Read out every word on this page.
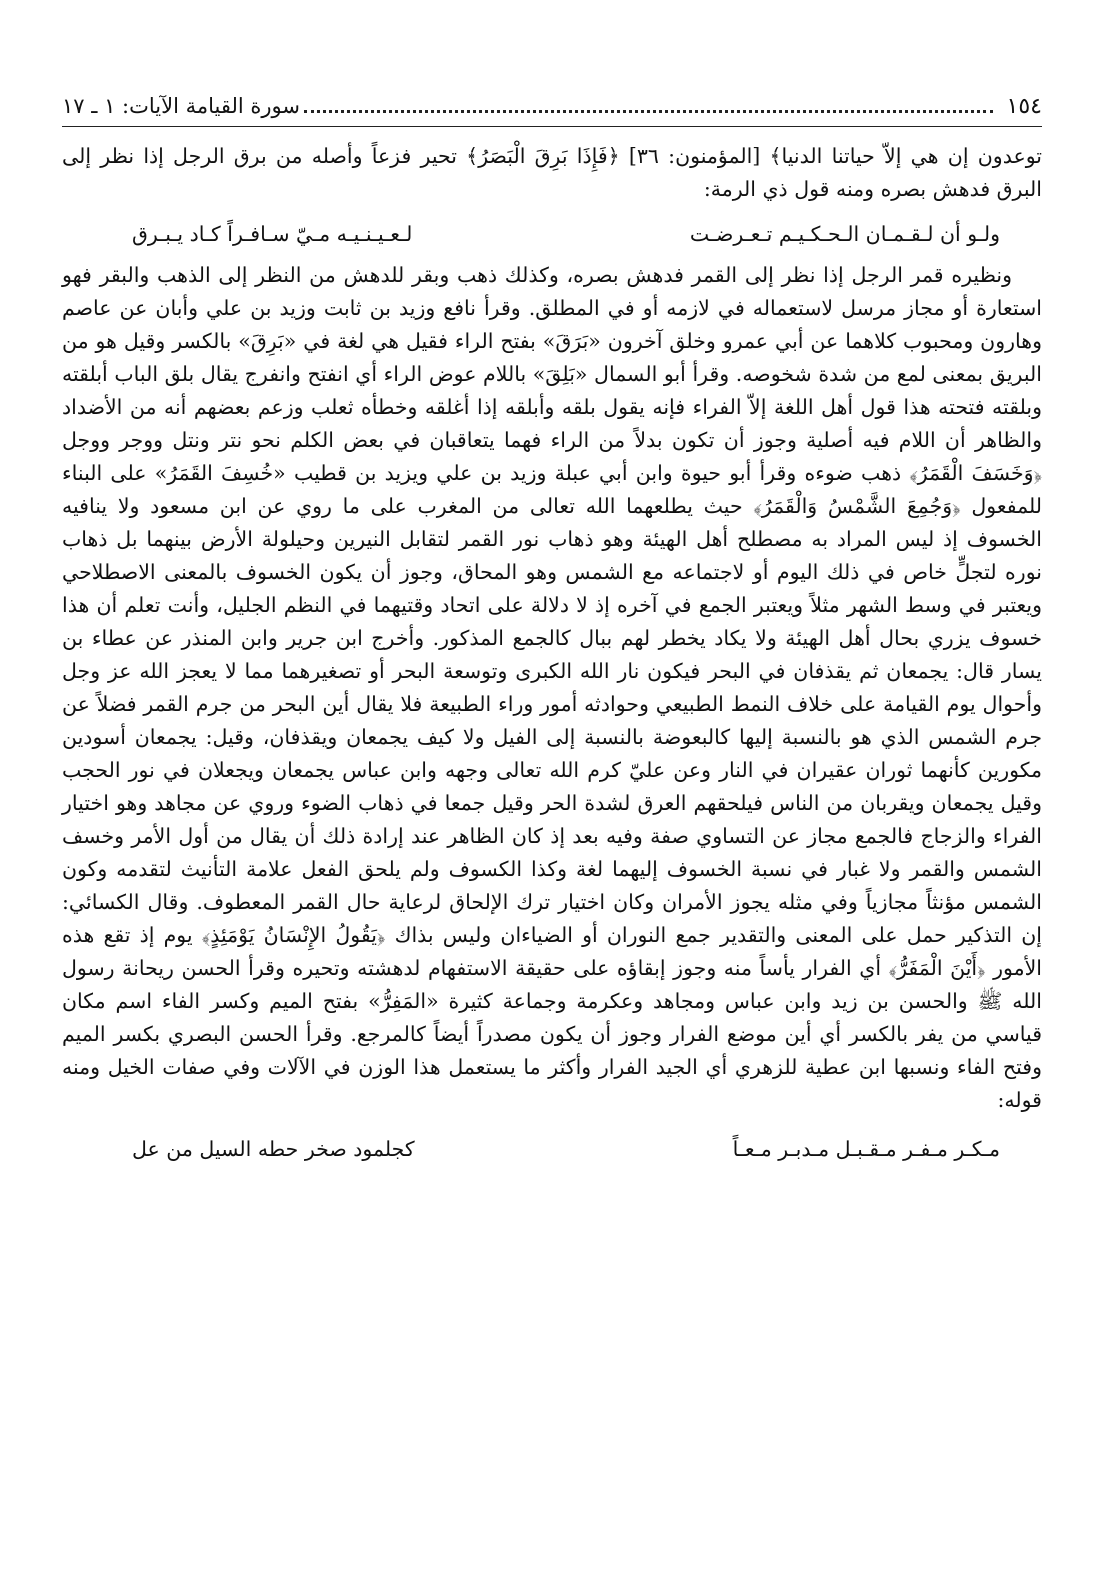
١٥٤
سورة القيامة الآيات: ١ ـ ١٧

توعدون إن هي إلاّ حياتنا الدنيا﴾ [المؤمنون: ٣٦] ﴿فَإِذَا بَرِقَ الْبَصَرُ﴾ تحير فزعاً وأصله من برق الرجل إذا نظر إلى البرق فدهش بصره ومنه قول ذي الرمة:

ولـو أن لـقـمـان الـحـكـيـم تـعـرضـت
لـعـيـنـيـه مـيّ سـافـراً كـاد يـبـرق

ونظيره قمر الرجل إذا نظر إلى القمر فدهش بصره، وكذلك ذهب وبقر للدهش من النظر إلى الذهب والبقر فهو استعارة أو مجاز مرسل لاستعماله في لازمه أو في المطلق. وقرأ نافع وزيد بن ثابت وزيد بن علي وأبان عن عاصم وهارون ومحبوب كلاهما عن أبي عمرو وخلق آخرون «بَرَقَ» بفتح الراء فقيل هي لغة في «بَرِقَ» بالكسر وقيل هو من البريق بمعنى لمع من شدة شخوصه. وقرأ أبو السمال «بَلِقَ» باللام عوض الراء أي انفتح وانفرج يقال بلق الباب أبلقته وبلقته فتحته هذا قول أهل اللغة إلاّ الفراء فإنه يقول بلقه وأبلقه إذا أغلقه وخطأه ثعلب وزعم بعضهم أنه من الأضداد والظاهر أن اللام فيه أصلية وجوز أن تكون بدلاً من الراء فهما يتعاقبان في بعض الكلم نحو نتر ونتل ووجر ووجل ﴿وَخَسَفَ الْقَمَرُ﴾ ذهب ضوءه وقرأ أبو حيوة وابن أبي عبلة وزيد بن علي ويزيد بن قطيب «خُسِفَ القَمَرُ» على البناء للمفعول ﴿وَجُمِعَ الشَّمْسُ وَالْقَمَرُ﴾ حيث يطلعهما الله تعالى من المغرب على ما روي عن ابن مسعود ولا ينافيه الخسوف إذ ليس المراد به مصطلح أهل الهيئة وهو ذهاب نور القمر لتقابل النيرين وحيلولة الأرض بينهما بل ذهاب نوره لتجلٍّ خاص في ذلك اليوم أو لاجتماعه مع الشمس وهو المحاق، وجوز أن يكون الخسوف بالمعنى الاصطلاحي ويعتبر في وسط الشهر مثلاً ويعتبر الجمع في آخره إذ لا دلالة على اتحاد وقتيهما في النظم الجليل، وأنت تعلم أن هذا خسوف يزري بحال أهل الهيئة ولا يكاد يخطر لهم ببال كالجمع المذكور. وأخرج ابن جرير وابن المنذر عن عطاء بن يسار قال: يجمعان ثم يقذفان في البحر فيكون نار الله الكبرى وتوسعة البحر أو تصغيرهما مما لا يعجز الله عز وجل وأحوال يوم القيامة على خلاف النمط الطبيعي وحوادثه أمور وراء الطبيعة فلا يقال أين البحر من جرم القمر فضلاً عن جرم الشمس الذي هو بالنسبة إليها كالبعوضة بالنسبة إلى الفيل ولا كيف يجمعان ويقذفان، وقيل: يجمعان أسودين مكورين كأنهما ثوران عقيران في النار وعن عليّ كرم الله تعالى وجهه وابن عباس يجمعان ويجعلان في نور الحجب وقيل يجمعان ويقربان من الناس فيلحقهم العرق لشدة الحر وقيل جمعا في ذهاب الضوء وروي عن مجاهد وهو اختيار الفراء والزجاج فالجمع مجاز عن التساوي صفة وفيه بعد إذ كان الظاهر عند إرادة ذلك أن يقال من أول الأمر وخسف الشمس والقمر ولا غبار في نسبة الخسوف إليهما لغة وكذا الكسوف ولم يلحق الفعل علامة التأنيث لتقدمه وكون الشمس مؤنثاً مجازياً وفي مثله يجوز الأمران وكان اختيار ترك الإلحاق لرعاية حال القمر المعطوف. وقال الكسائي: إن التذكير حمل على المعنى والتقدير جمع النوران أو الضياءان وليس بذاك ﴿يَقُولُ الإِنْسَانُ يَوْمَئِذٍ﴾ يوم إذ تقع هذه الأمور ﴿أَيْنَ الْمَفَرُّ﴾ أي الفرار يأساً منه وجوز إبقاؤه على حقيقة الاستفهام لدهشته وتحيره وقرأ الحسن ريحانة رسول الله ﷺ والحسن بن زيد وابن عباس ومجاهد وعكرمة وجماعة كثيرة «المَفِرُّ» بفتح الميم وكسر الفاء اسم مكان قياسي من يفر بالكسر أي أين موضع الفرار وجوز أن يكون مصدراً أيضاً كالمرجع. وقرأ الحسن البصري بكسر الميم وفتح الفاء ونسبها ابن عطية للزهري أي الجيد الفرار وأكثر ما يستعمل هذا الوزن في الآلات وفي صفات الخيل ومنه قوله:

مـكـر مـفـر مـقـبـل مـدبـر مـعـاً
كجلمود صخر حطه السيل من عل
